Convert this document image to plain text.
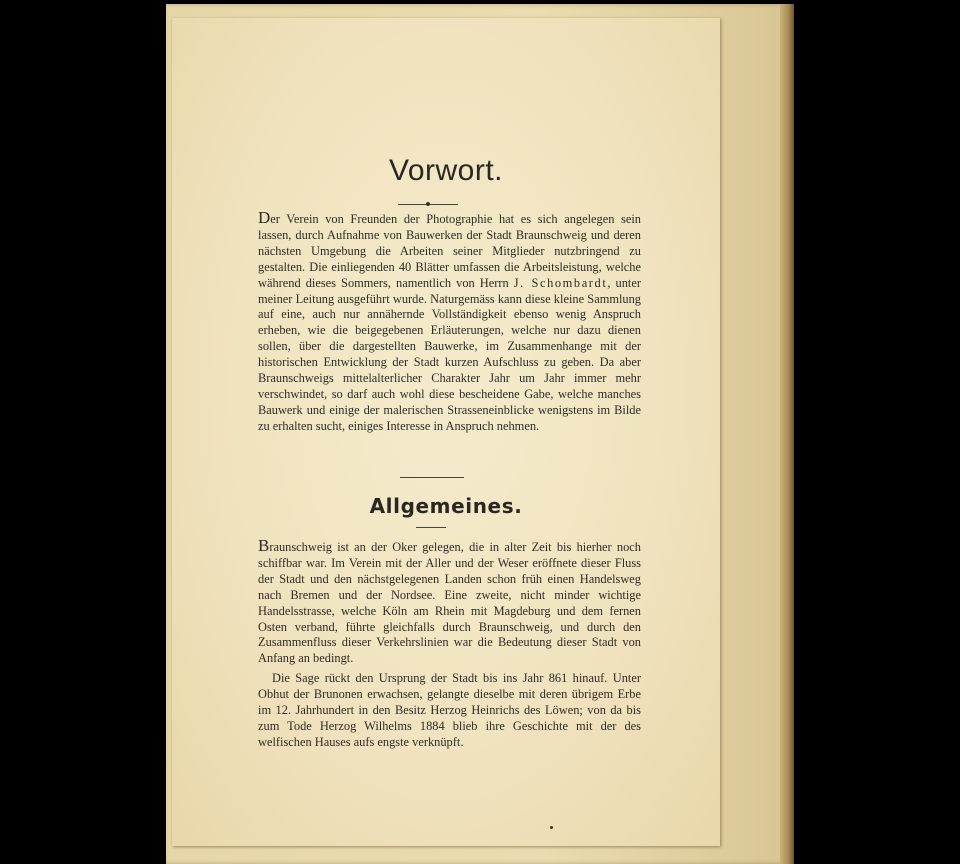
Vorwort.

Der Verein von Freunden der Photographie hat es sich angelegen sein lassen, durch Aufnahme von Bauwerken der Stadt Braunschweig und deren nächsten Umgebung die Arbeiten seiner Mitglieder nutzbringend zu gestalten. Die einliegenden 40 Blätter umfassen die Arbeitsleistung, welche während dieses Sommers, namentlich von Herrn J. Schombardt, unter meiner Leitung ausgeführt wurde. Naturgemäss kann diese kleine Sammlung auf eine, auch nur annähernde Vollständigkeit ebenso wenig Anspruch erheben, wie die beigegebenen Erläuterungen, welche nur dazu dienen sollen, über die dargestellten Bauwerke, im Zusammenhange mit der historischen Entwicklung der Stadt kurzen Aufschluss zu geben. Da aber Braunschweigs mittelalterlicher Charakter Jahr um Jahr immer mehr verschwindet, so darf auch wohl diese bescheidene Gabe, welche manches Bauwerk und einige der malerischen Strasseneinblicke wenigstens im Bilde zu erhalten sucht, einiges Interesse in Anspruch nehmen.

Allgemeines.

Braunschweig ist an der Oker gelegen, die in alter Zeit bis hierher noch schiffbar war. Im Verein mit der Aller und der Weser eröffnete dieser Fluss der Stadt und den nächstgelegenen Landen schon früh einen Handelsweg nach Bremen und der Nordsee. Eine zweite, nicht minder wichtige Handelsstrasse, welche Köln am Rhein mit Magdeburg und dem fernen Osten verband, führte gleichfalls durch Braunschweig, und durch den Zusammenfluss dieser Verkehrslinien war die Bedeutung dieser Stadt von Anfang an bedingt.

Die Sage rückt den Ursprung der Stadt bis ins Jahr 861 hinauf. Unter Obhut der Brunonen erwachsen, gelangte dieselbe mit deren übrigem Erbe im 12. Jahrhundert in den Besitz Herzog Heinrichs des Löwen; von da bis zum Tode Herzog Wilhelms 1884 blieb ihre Geschichte mit der des welfischen Hauses aufs engste verknüpft.
